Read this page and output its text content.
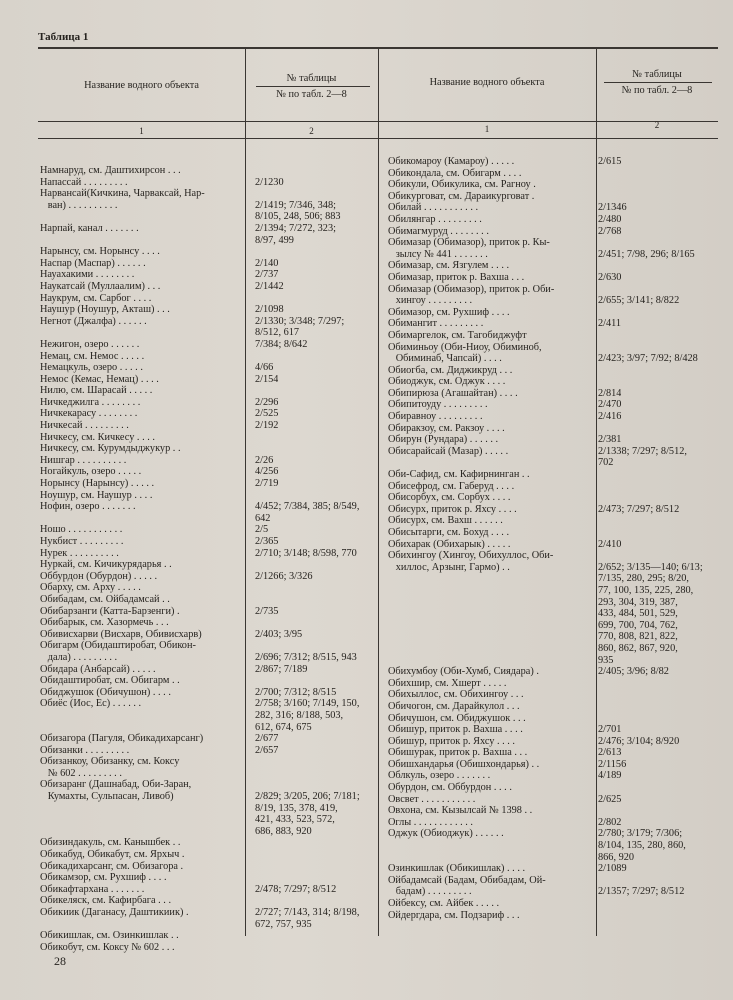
Таблица 1
Название водного объекта
№ таблицы
№ по табл. 2—8
1	2
Название водного объекта
№ таблицы
№ по табл. 2—8
1	2
Намнаруд, см. Даштихирсон . . .
Напассай . . . . . . . . .	2/1230
Нарвансай(Кичкина, Чарвaкcай, Нар-
ван) . . . . . . . . . .	2/1419; 7/346, 348;
8/105, 248, 506; 883
Нарпай, канал . . . . . . .	2/1394; 7/272, 323;
8/97, 499
Нарынсу, см. Норынсу . . . .
Наспар (Маспар) . . . . . .	2/140
Науахакими . . . . . . . .	2/737
Наукатсай (Муллаалим) . . .	2/1442
Наукрум, см. Сарбог . . . .
Наушур (Ноушур, Акташ) . . .	2/1098
Негнот (Джалфа) . . . . . .	2/1330; 3/348; 7/297;
8/512, 617
Нежигон, озеро . . . . . .	7/384; 8/642
Немац, см. Немос . . . . .
Немацкуль, озеро . . . . .	4/66
Немос (Кемас, Немац) . . . .	2/154
Нилю, см. Шарасай . . . . .
Ничкеджилга . . . . . . . .	2/296
Ничкекарасу . . . . . . . .	2/525
Ничкесай . . . . . . . . .	2/192
Ничкесу, см. Кичкесу . . . .
Ничкесу, см. Курумдыджукур . .
Нишгар . . . . . . . . . .	2/26
Ногайкуль, озеро . . . . .	4/256
Норынсу (Нарынсу) . . . . .	2/719
Ноушур, см. Наушур . . . .
Нофин, озеро . . . . . . .	4/452; 7/384, 385; 8/549,
642
Ношо . . . . . . . . . . .	2/5
Нукбист . . . . . . . . .	2/365
Нурек . . . . . . . . . .	2/710; 3/148; 8/598, 770
Нуркай, см. Кичикурядарья . .
Оббурдон (Обурдон) . . . . .	2/1266; 3/326
Обарху, см. Арху . . . . .
Обибадам, см. Ойбадамсай . .
Обибарзанги (Катта-Барзенги) .	2/735
Обибарык, см. Хазормечь . . .
Обивисхарви (Висхарв, Обивисхарв)	2/403; 3/95
Обигарм (Обидаштиробат, Обикон-
дала) . . . . . . . . .	2/696; 7/312; 8/515, 943
Обидара (Анбарсай) . . . . .	2/867; 7/189
Обидаштиробат, см. Обигарм . .
Обиджушок (Обичушон) . . . .	2/700; 7/312; 8/515
Обиёс (Иос, Ес) . . . . . .	2/758; 3/160; 7/149, 150,
282, 316; 8/188, 503,
612, 674, 675
Обизагора (Пагуля, Обикадихарсанг)	2/677
Обизанки . . . . . . . . .	2/657
Обизанкоу, Обизанку, см. Коксу
№ 602 . . . . . . . . .
Обизаранг (Дашнабад, Оби-Заран,
Кумахты, Сульпасан, Ливоб)	2/829; 3/205, 206; 7/181;
8/19, 135, 378, 419,
421, 433, 523, 572,
686, 883, 920
Обизиндакуль, см. Канышбек . .
Обикабуд, Обикабут, см. Ярхыч .
Обикадихарсанг, см. Обизагора .
Обикамзор, см. Рухшиф . . . .
Обикафтархана . . . . . . .	2/478; 7/297; 8/512
Обикеляск, см. Кафирбага . . .
Обикиик (Даганасу, Даштикиик) .	2/727; 7/143, 314; 8/198,
672, 757, 935
Обикишлак, см. Озинкишлак . .
Обикобут, см. Коксу № 602 . . .
Обикомароу (Камароу) . . . . .	2/615
Обикондала, см. Обигарм . . . .
Обикули, Обикулика, см. Рагноу .
Обикурговат, см. Дараикурговат .
Обилай . . . . . . . . . . .	2/1346
Обилянгар . . . . . . . . .	2/480
Обимагмуруд . . . . . . . .	2/768
Обимазар (Обимазор), приток р. Кы-
зылсу № 441 . . . . . . .	2/451; 7/98, 296; 8/165
Обимазар, см. Язгулем . . . .
Обимазар, приток р. Вахша . . .	2/630
Обимазар (Обимазор), приток р. Оби-
хингоу . . . . . . . . .	2/655; 3/141; 8/822
Обимазор, см. Рухшиф . . . .
Обимангит . . . . . . . . .	2/411
Обимаргелок, см. Тагобиджуфт
Обиминьоу (Оби-Ниоу, Обиминоб,
Обиминаб, Чапсай) . . . .	2/423; 3/97; 7/92; 8/428
Обиогба, см. Диджикруд . . .
Обиоджук, см. Оджук . . . .
Обипирюза (Агашайтан) . . . .	2/814
Обипитоуду . . . . . . . . .	2/470
Обиравноу . . . . . . . . .	2/416
Обиракзоу, см. Ракзоу . . . .
Обирун (Рундара) . . . . . .	2/381
Обисарайсай (Мазар) . . . . .	2/1338; 7/297; 8/512,
702
Оби-Сафид, см. Кафирнинган . .
Обисефрод, см. Габеруд . . . .
Обисорбух, см. Сорбух . . . .
Обисурх, приток р. Яхсу . . . .	2/473; 7/297; 8/512
Обисурх, см. Вахш . . . . . .
Обисытарги, см. Бохуд . . . .
Обихарак (Обихарык) . . . . .	2/410
Обихингоу (Хингоу, Обихуллос, Оби-
хиллос, Арзынг, Гармо) . .	2/652; 3/135—140; 6/13;
7/135, 280, 295; 8/20,
77, 100, 135, 225, 280,
293, 304, 319, 387,
433, 484, 501, 529,
699, 700, 704, 762,
770, 808, 821, 822,
860, 862, 867, 920,
935
Обихумбоу (Оби-Хумб, Сиядара) .	2/405; 3/96; 8/82
Обихшир, см. Хшерт . . . . .
Обихыллос, см. Обихингоу . . .
Обичогон, см. Дарайкулол . . .
Обичушон, см. Обиджушок . . .
Обишур, приток р. Вахша . . . .	2/701
Обишур, приток р. Яхсу . . . .	2/476; 3/104; 8/920
Обишурак, приток р. Вахша . . .	2/613
Обишхандарья (Обишхондарья) . .	2/1156
Облкуль, озеро . . . . . . .	4/189
Обурдон, см. Оббурдон . . . .
Овсвет . . . . . . . . . . .	2/625
Овхона, см. Кызылсай № 1398 . .
Оглы . . . . . . . . . . . .	2/802
Оджук (Обиоджук) . . . . . .	2/780; 3/179; 7/306;
8/104, 135, 280, 860,
866, 920
Озинкишлак (Обикишлак) . . . .	2/1089
Ойбадамсай (Бадам, Обибадам, Ой-
бадам) . . . . . . . . .	2/1357; 7/297; 8/512
Ойбекcу, см. Айбек . . . . .
Ойдергдара, см. Подзариф . . .
28
